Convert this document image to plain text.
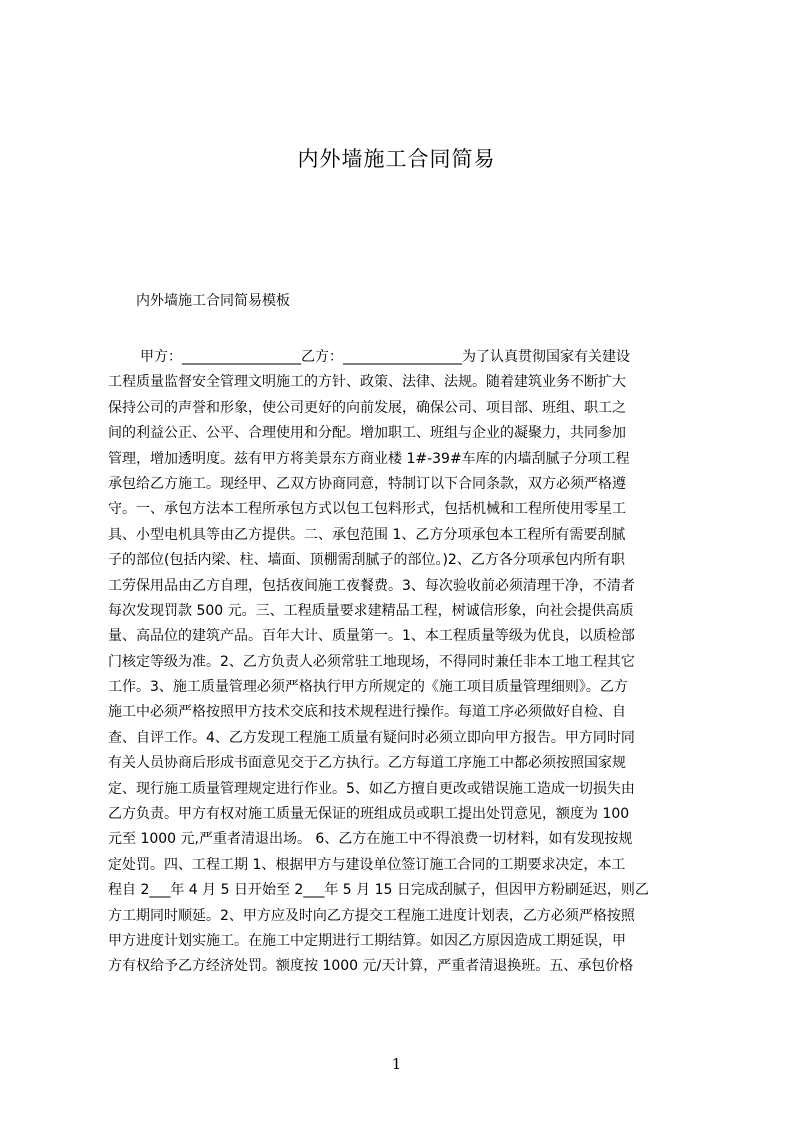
内外墙施工合同简易
内外墙施工合同简易模板
甲方：_________________乙方：_________________为了认真贯彻国家有关建设
工程质量监督安全管理文明施工的方针、政策、法律、法规。随着建筑业务不断扩大
保持公司的声誉和形象，使公司更好的向前发展，确保公司、项目部、班组、职工之
间的利益公正、公平、合理使用和分配。增加职工、班组与企业的凝聚力，共同参加
管理，增加透明度。兹有甲方将美景东方商业楼 1#-39#车库的内墙刮腻子分项工程
承包给乙方施工。现经甲、乙双方协商同意，特制订以下合同条款，双方必须严格遵
守。一、承包方法本工程所承包方式以包工包料形式，包括机械和工程所使用零星工
具、小型电机具等由乙方提供。二、承包范围 1、乙方分项承包本工程所有需要刮腻
子的部位(包括内梁、柱、墙面、顶棚需刮腻子的部位。)2、乙方各分项承包内所有职
工劳保用品由乙方自理，包括夜间施工夜餐费。3、每次验收前必须清理干净，不清者
每次发现罚款 500 元。三、工程质量要求建精品工程，树诚信形象，向社会提供高质
量、高品位的建筑产品。百年大计、质量第一。1、本工程质量等级为优良，以质检部
门核定等级为准。2、乙方负责人必须常驻工地现场，不得同时兼任非本工地工程其它
工作。3、施工质量管理必须严格执行甲方所规定的《施工项目质量管理细则》。乙方
施工中必须严格按照甲方技术交底和技术规程进行操作。每道工序必须做好自检、自
查、自评工作。4、乙方发现工程施工质量有疑问时必须立即向甲方报告。甲方同时同
有关人员协商后形成书面意见交于乙方执行。乙方每道工序施工中都必须按照国家规
定、现行施工质量管理规定进行作业。5、如乙方擅自更改或错误施工造成一切损失由
乙方负责。甲方有权对施工质量无保证的班组成员或职工提出处罚意见，额度为 100
元至 1000 元,严重者清退出场。 6、乙方在施工中不得浪费一切材料，如有发现按规
定处罚。四、工程工期 1、根据甲方与建设单位签订施工合同的工期要求决定，本工
程自 2___年 4 月 5 日开始至 2___年 5 月 15 日完成刮腻子，但因甲方粉刷延迟，则乙
方工期同时顺延。2、甲方应及时向乙方提交工程施工进度计划表，乙方必须严格按照
甲方进度计划实施工。在施工中定期进行工期结算。如因乙方原因造成工期延误，甲
方有权给予乙方经济处罚。额度按 1000 元/天计算，严重者清退换班。五、承包价格
1
